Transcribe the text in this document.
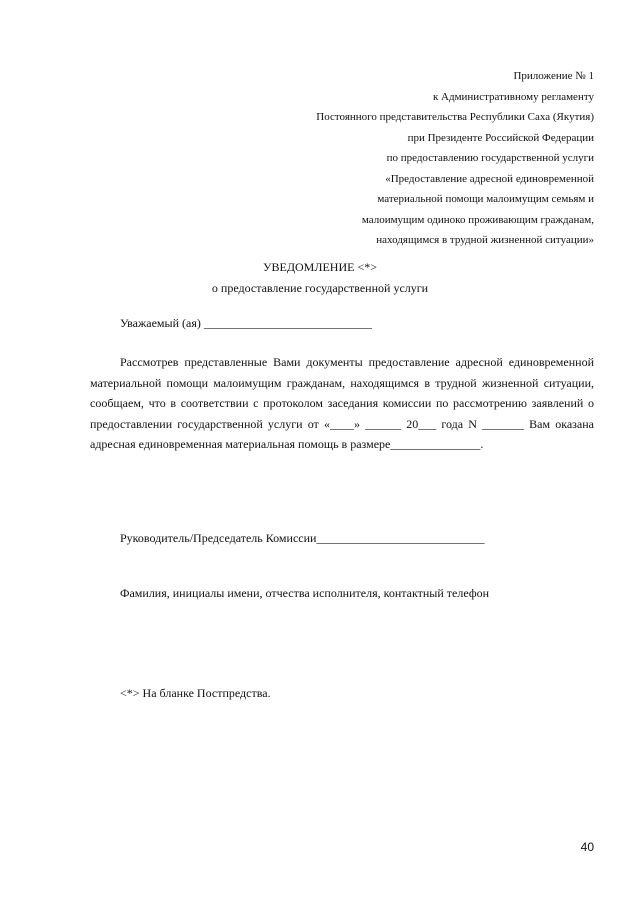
Приложение № 1
к Административному регламенту
Постоянного представительства Республики Саха (Якутия)
при Президенте Российской Федерации
по предоставлению государственной услуги
«Предоставление адресной единовременной
материальной помощи малоимущим семьям и
малоимущим одиноко проживающим гражданам,
находящимся в трудной жизненной ситуации»
УВЕДОМЛЕНИЕ <*>
о предоставление государственной услуги
Уважаемый (ая) ____________________________

Рассмотрев представленные Вами документы предоставление адресной единовременной материальной помощи малоимущим гражданам, находящимся в трудной жизненной ситуации, сообщаем, что в соответствии с протоколом заседания комиссии по рассмотрению заявлений о предоставлении государственной услуги от «____» ______ 20___ года N _______ Вам оказана адресная единовременная материальная помощь в размере_______________.

Руководитель/Председатель Комиссии____________________________
Фамилия, инициалы имени, отчества исполнителя, контактный телефон
<*> На бланке Постпредства.
40
